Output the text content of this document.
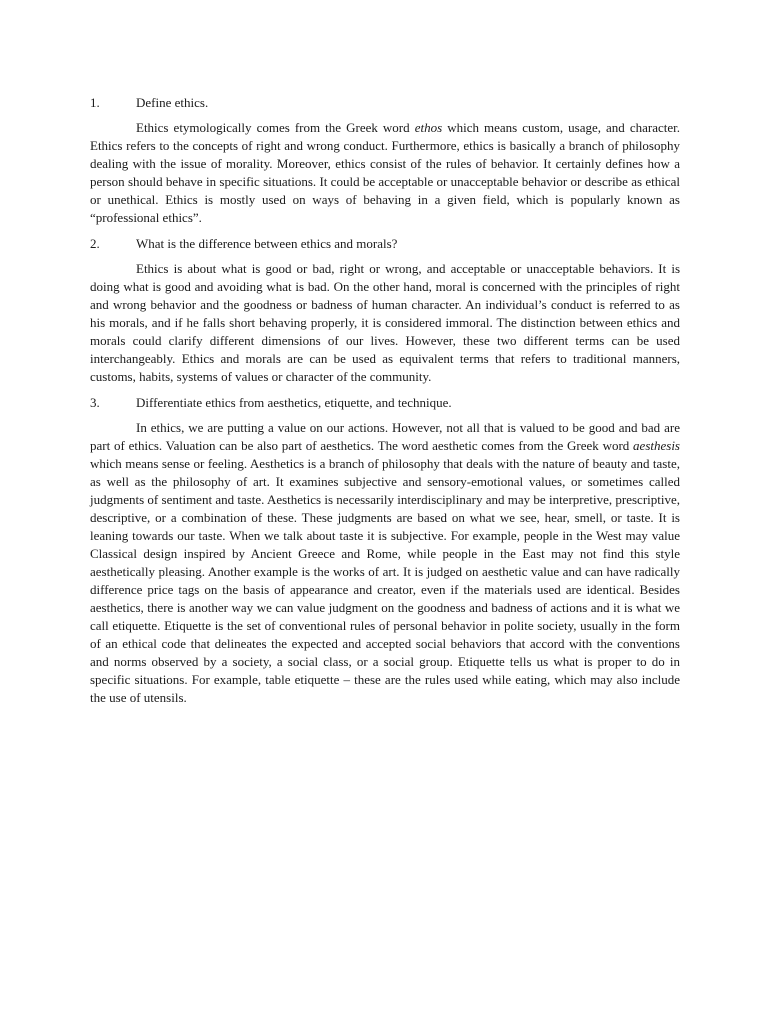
1.	Define ethics.

Ethics etymologically comes from the Greek word ethos which means custom, usage, and character. Ethics refers to the concepts of right and wrong conduct. Furthermore, ethics is basically a branch of philosophy dealing with the issue of morality. Moreover, ethics consist of the rules of behavior. It certainly defines how a person should behave in specific situations. It could be acceptable or unacceptable behavior or describe as ethical or unethical. Ethics is mostly used on ways of behaving in a given field, which is popularly known as “professional ethics”.

2.	What is the difference between ethics and morals?

Ethics is about what is good or bad, right or wrong, and acceptable or unacceptable behaviors. It is doing what is good and avoiding what is bad. On the other hand, moral is concerned with the principles of right and wrong behavior and the goodness or badness of human character. An individual’s conduct is referred to as his morals, and if he falls short behaving properly, it is considered immoral. The distinction between ethics and morals could clarify different dimensions of our lives. However, these two different terms can be used interchangeably. Ethics and morals are can be used as equivalent terms that refers to traditional manners, customs, habits, systems of values or character of the community.

3.	Differentiate ethics from aesthetics, etiquette, and technique.

In ethics, we are putting a value on our actions. However, not all that is valued to be good and bad are part of ethics. Valuation can be also part of aesthetics. The word aesthetic comes from the Greek word aesthesis which means sense or feeling. Aesthetics is a branch of philosophy that deals with the nature of beauty and taste, as well as the philosophy of art. It examines subjective and sensory-emotional values, or sometimes called judgments of sentiment and taste. Aesthetics is necessarily interdisciplinary and may be interpretive, prescriptive, descriptive, or a combination of these. These judgments are based on what we see, hear, smell, or taste. It is leaning towards our taste. When we talk about taste it is subjective. For example, people in the West may value Classical design inspired by Ancient Greece and Rome, while people in the East may not find this style aesthetically pleasing. Another example is the works of art. It is judged on aesthetic value and can have radically difference price tags on the basis of appearance and creator, even if the materials used are identical. Besides aesthetics, there is another way we can value judgment on the goodness and badness of actions and it is what we call etiquette. Etiquette is the set of conventional rules of personal behavior in polite society, usually in the form of an ethical code that delineates the expected and accepted social behaviors that accord with the conventions and norms observed by a society, a social class, or a social group. Etiquette tells us what is proper to do in specific situations. For example, table etiquette – these are the rules used while eating, which may also include the use of utensils.
